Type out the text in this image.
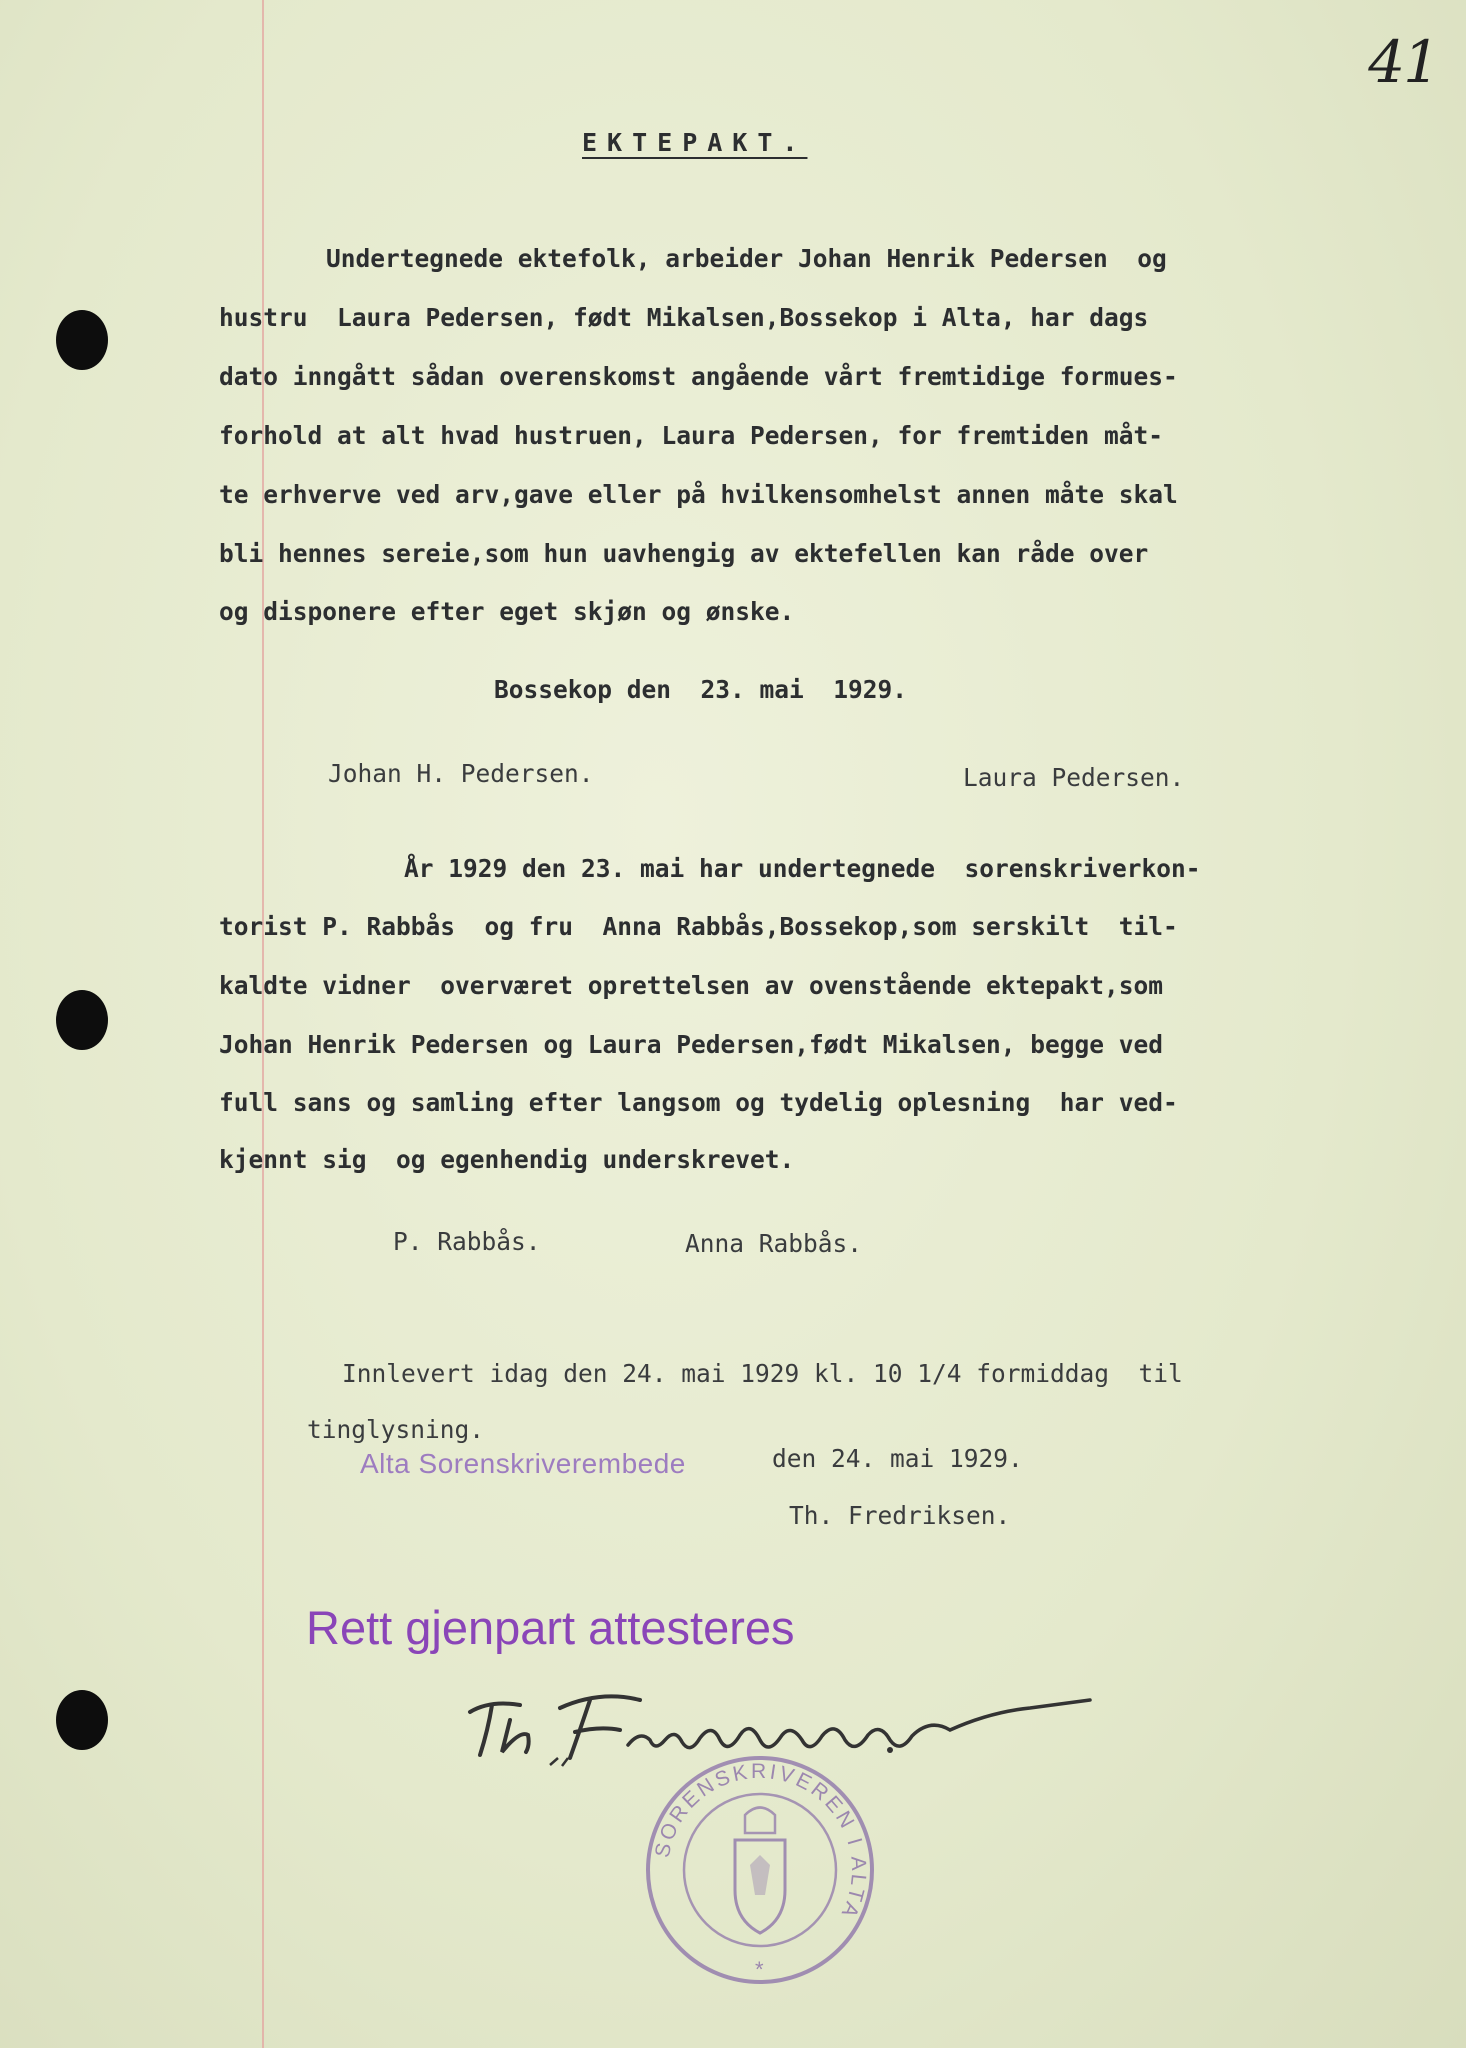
41
EKTEPAKT.
Undertegnede ektefolk, arbeider Johan Henrik Pedersen  og
hustru  Laura Pedersen, født Mikalsen,Bossekop i Alta, har dags
dato inngått sådan overenskomst angående vårt fremtidige formues-
forhold at alt hvad hustruen, Laura Pedersen, for fremtiden måt-
te erhverve ved arv,gave eller på hvilkensomhelst annen måte skal
bli hennes sereie,som hun uavhengig av ektefellen kan råde over
og disponere efter eget skjøn og ønske.
Bossekop den  23. mai  1929.
Johan H. Pedersen.	Laura Pedersen.
År 1929 den 23. mai har undertegnede  sorenskriverkon-
torist P. Rabbås  og fru  Anna Rabbås,Bossekop,som serskilt  til-
kaldte vidner  overværet oprettelsen av ovenstående ektepakt,som
Johan Henrik Pedersen og Laura Pedersen,født Mikalsen, begge ved
full sans og samling efter langsom og tydelig oplesning  har ved-
kjennt sig  og egenhendig underskrevet.
P. Rabbås.	Anna Rabbås.
Innlevert idag den 24. mai 1929 kl. 10 1/4 formiddag  til
tinglysning.
Alta Sorenskriverembede	den 24. mai 1929.
Th. Fredriksen.
Rett gjenpart attesteres
SORENSKRIVEREN I ALTA
*
